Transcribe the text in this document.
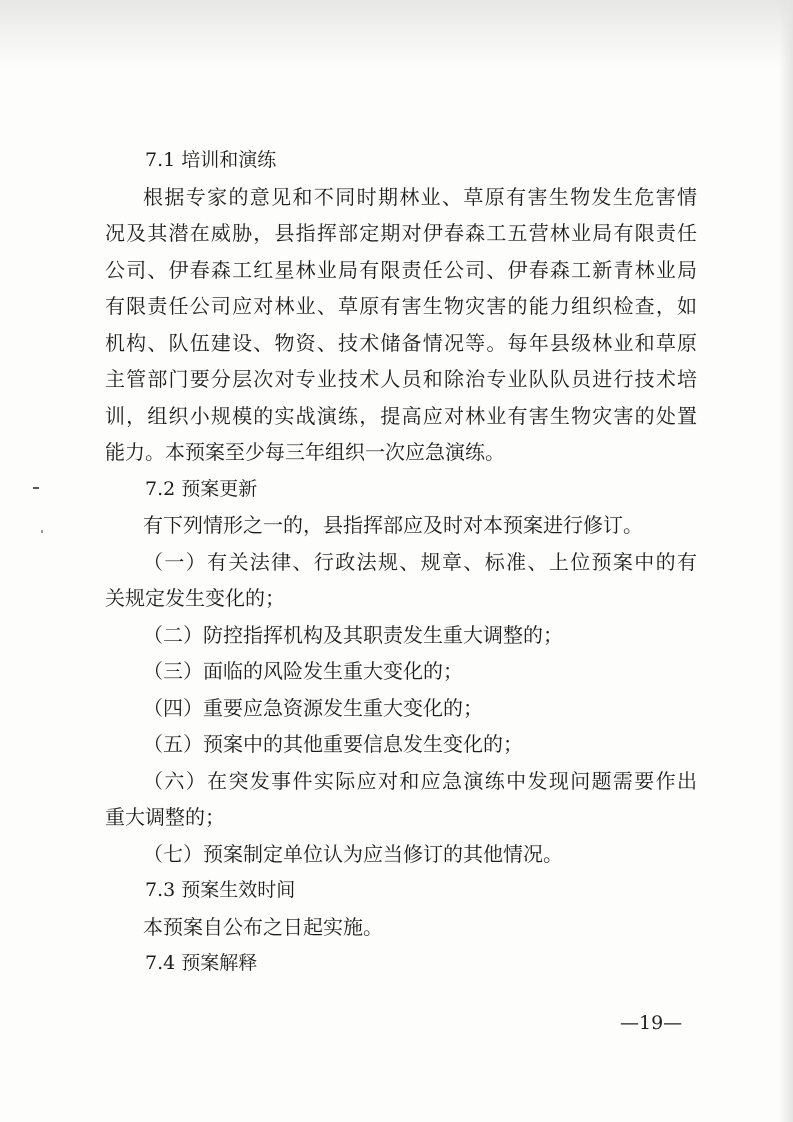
7.1 培训和演练
根据专家的意见和不同时期林业、草原有害生物发生危害情
况及其潜在威胁，县指挥部定期对伊春森工五营林业局有限责任
公司、伊春森工红星林业局有限责任公司、伊春森工新青林业局
有限责任公司应对林业、草原有害生物灾害的能力组织检查，如
机构、队伍建设、物资、技术储备情况等。每年县级林业和草原
主管部门要分层次对专业技术人员和除治专业队队员进行技术培
训，组织小规模的实战演练，提高应对林业有害生物灾害的处置
能力。本预案至少每三年组织一次应急演练。
7.2 预案更新
有下列情形之一的，县指挥部应及时对本预案进行修订。
（一）有关法律、行政法规、规章、标准、上位预案中的有
关规定发生变化的；
（二）防控指挥机构及其职责发生重大调整的；
（三）面临的风险发生重大变化的；
（四）重要应急资源发生重大变化的；
（五）预案中的其他重要信息发生变化的；
（六）在突发事件实际应对和应急演练中发现问题需要作出
重大调整的；
（七）预案制定单位认为应当修订的其他情况。
7.3 预案生效时间
本预案自公布之日起实施。
7.4 预案解释
—19—
